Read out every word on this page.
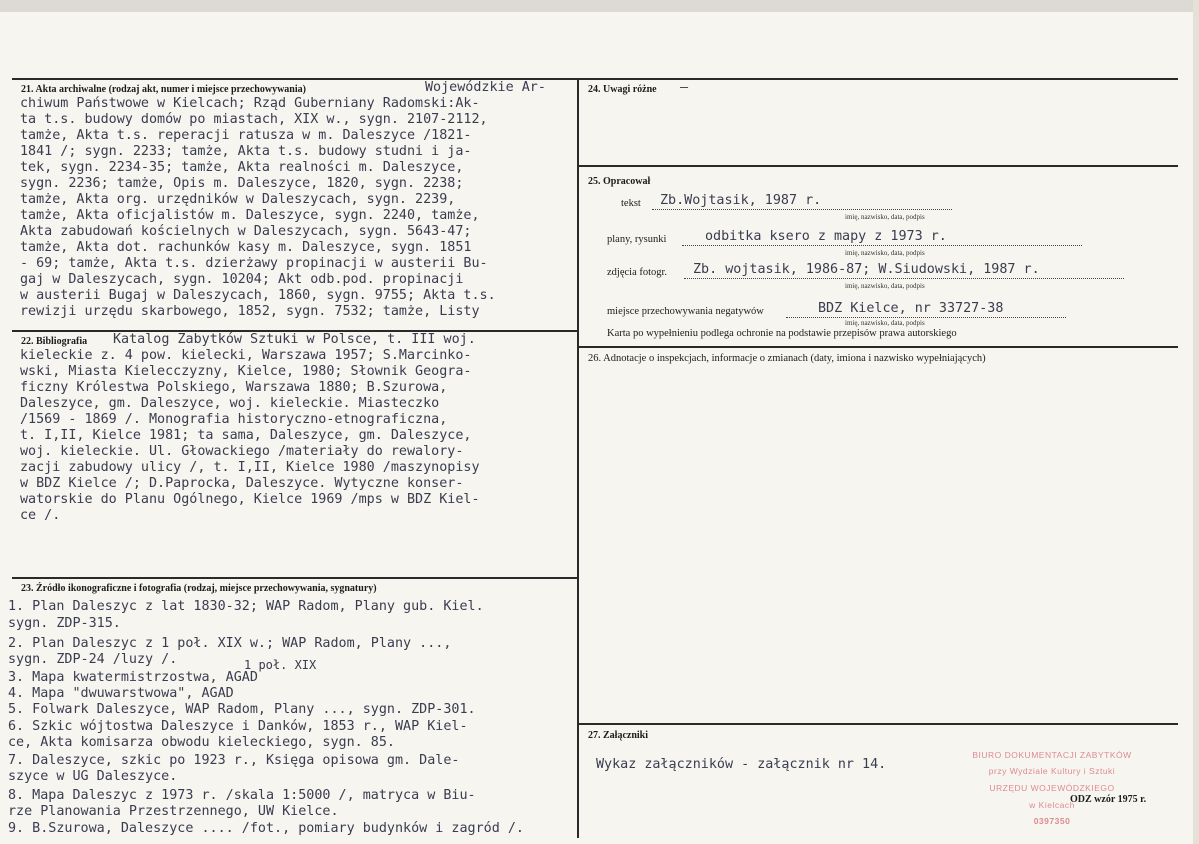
21. Akta archiwalne (rodzaj akt, numer i miejsce przechowywania)	Wojewódzkie Ar-
chiwum Państwowe w Kielcach; Rząd Guberniany Radomski:Ak-
ta t.s. budowy domów po miastach, XIX w., sygn. 2107-2112,
tamże, Akta t.s. reperacji ratusza w m. Daleszyce /1821-
1841 /; sygn. 2233; tamże, Akta t.s. budowy studni i ja-
tek, sygn. 2234-35; tamże, Akta realności m. Daleszyce,
sygn. 2236; tamże, Opis m. Daleszyce, 1820, sygn. 2238;
tamże, Akta org. urzędników w Daleszycach, sygn. 2239,
tamże, Akta oficjalistów m. Daleszyce, sygn. 2240, tamże,
Akta zabudowań kościelnych w Daleszycach, sygn. 5643-47;
tamże, Akta dot. rachunków kasy m. Daleszyce, sygn. 1851
- 69; tamże, Akta t.s. dzierżawy propinacji w austerii Bu-
gaj w Daleszycach, sygn. 10204; Akt odb.pod. propinacji
w austerii Bugaj w Daleszycach, 1860, sygn. 9755; Akta t.s.
rewizji urzędu skarbowego, 1852, sygn. 7532; tamże, Listy
22. Bibliografia Katalog Zabytków Sztuki w Polsce, t. III woj.
kieleckie z. 4 pow. kielecki, Warszawa 1957; S.Marcinko-
wski, Miasta Kielecczyzny, Kielce, 1980; Słownik Geogra-
ficzny Królestwa Polskiego, Warszawa 1880; B.Szurowa,
Daleszyce, gm. Daleszyce, woj. kieleckie. Miasteczko
/1569 - 1869 /. Monografia historyczno-etnograficzna,
t. I,II, Kielce 1981; ta sama, Daleszyce, gm. Daleszyce,
woj. kieleckie. Ul. Głowackiego /materiały do rewalory-
zacji zabudowy ulicy /, t. I,II, Kielce 1980 /maszynopisy
w BDZ Kielce /; D.Paprocka, Daleszyce. Wytyczne konser-
watorskie do Planu Ogólnego, Kielce 1969 /mps w BDZ Kiel-
ce /.
23. Źródło ikonograficzne i fotografia (rodzaj, miejsce przechowywania, sygnatury)
1. Plan Daleszyc z lat 1830-32; WAP Radom, Plany gub. Kiel.
sygn. ZDP-315.
2. Plan Daleszyc z 1 poł. XIX w.; WAP Radom, Plany ...,
sygn. ZDP-24 /luzy /.	1 poł. XIX
3. Mapa kwatermistrzostwa, AGAD
4. Mapa "dwuwarstwowa", AGAD
5. Folwark Daleszyce, WAP Radom, Plany ..., sygn. ZDP-301.
6. Szkic wójtostwa Daleszyce i Danków, 1853 r., WAP Kiel-
ce, Akta komisarza obwodu kieleckiego, sygn. 85.
7. Daleszyce, szkic po 1923 r., Księga opisowa gm. Dale-
szyce w UG Daleszyce.
8. Mapa Daleszyc z 1973 r. /skala 1:5000 /, matryca w Biu-
rze Planowania Przestrzennego, UW Kielce.
9. B.Szurowa, Daleszyce .... /fot., pomiary budynków i zagród /.
24. Uwagi różne —
25. Opracował
tekst Zb.Wojtasik, 1987 r.
imię, nazwisko, data, podpis
plany, rysunki	odbitka ksero z mapy z 1973 r.
imię, nazwisko, data, podpis
zdjęcia fotogr. Zb. wojtasik, 1986-87; W.Siudowski, 1987 r.
imię, nazwisko, data, podpis
miejsce przechowywania negatywów	BDZ Kielce, nr 33727-38
imię, nazwisko, data, podpis
Karta po wypełnieniu podlega ochronie na podstawie przepisów prawa autorskiego
26. Adnotacje o inspekcjach, informacje o zmianach (daty, imiona i nazwisko wypełniających)
27. Załączniki
Wykaz załączników - załącznik nr 14.
BIURO DOKUMENTACJI ZABYTKÓW
przy Wydziale Kultury i Sztuki
URZĘDU WOJEWÓDZKIEGO
w Kielcach
0397350
ODZ wzór 1975 r.
